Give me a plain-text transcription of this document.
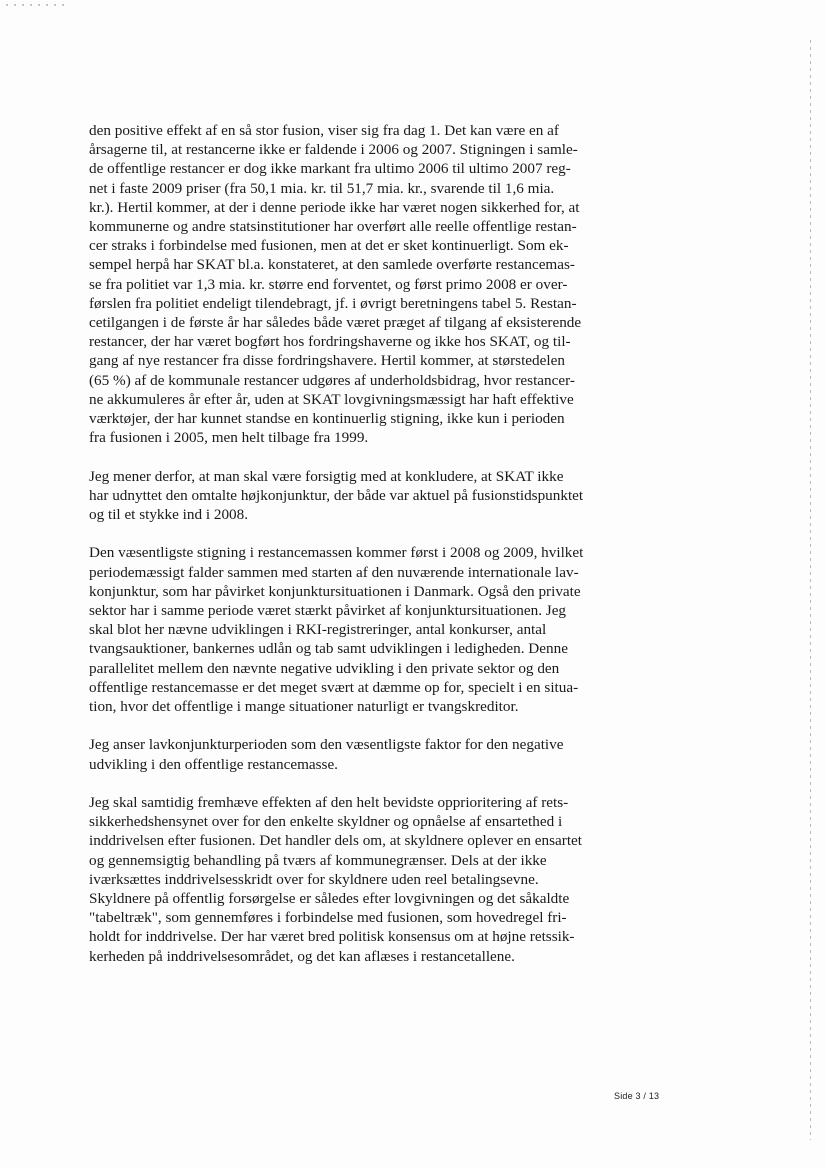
den positive effekt af en så stor fusion, viser sig fra dag 1. Det kan være en af
årsagerne til, at restancerne ikke er faldende i 2006 og 2007. Stigningen i samle-
de offentlige restancer er dog ikke markant fra ultimo 2006 til ultimo 2007 reg-
net i faste 2009 priser (fra 50,1 mia. kr. til 51,7 mia. kr., svarende til 1,6 mia.
kr.). Hertil kommer, at der i denne periode ikke har været nogen sikkerhed for, at
kommunerne og andre statsinstitutioner har overført alle reelle offentlige restan-
cer straks i forbindelse med fusionen, men at det er sket kontinuerligt. Som ek-
sempel herpå har SKAT bl.a. konstateret, at den samlede overførte restancemas-
se fra politiet var 1,3 mia. kr. større end forventet, og først primo 2008 er over-
førslen fra politiet endeligt tilendebragt, jf. i øvrigt beretningens tabel 5. Restan-
cetilgangen i de første år har således både været præget af tilgang af eksisterende
restancer, der har været bogført hos fordringshaverne og ikke hos SKAT, og til-
gang af nye restancer fra disse fordringshavere. Hertil kommer, at størstedelen
(65 %) af de kommunale restancer udgøres af underholdsbidrag, hvor restancer-
ne akkumuleres år efter år, uden at SKAT lovgivningsmæssigt har haft effektive
værktøjer, der har kunnet standse en kontinuerlig stigning, ikke kun i perioden
fra fusionen i 2005, men helt tilbage fra 1999.
Jeg mener derfor, at man skal være forsigtig med at konkludere, at SKAT ikke
har udnyttet den omtalte højkonjunktur, der både var aktuel på fusionstidspunktet
og til et stykke ind i 2008.
Den væsentligste stigning i restancemassen kommer først i 2008 og 2009, hvilket
periodemæssigt falder sammen med starten af den nuværende internationale lav-
konjunktur, som har påvirket konjunktursituationen i Danmark. Også den private
sektor har i samme periode været stærkt påvirket af konjunktursituationen. Jeg
skal blot her nævne udviklingen i RKI-registreringer, antal konkurser, antal
tvangsauktioner, bankernes udlån og tab samt udviklingen i ledigheden. Denne
parallelitet mellem den nævnte negative udvikling i den private sektor og den
offentlige restancemasse er det meget svært at dæmme op for, specielt i en situa-
tion, hvor det offentlige i mange situationer naturligt er tvangskreditor.
Jeg anser lavkonjunkturperioden som den væsentligste faktor for den negative
udvikling i den offentlige restancemasse.
Jeg skal samtidig fremhæve effekten af den helt bevidste opprioritering af rets-
sikkerhedshensynet over for den enkelte skyldner og opnåelse af ensartethed i
inddrivelsen efter fusionen. Det handler dels om, at skyldnere oplever en ensartet
og gennemsigtig behandling på tværs af kommunegrænser. Dels at der ikke
iværksættes inddrivelsesskridt over for skyldnere uden reel betalingsevne.
Skyldnere på offentlig forsørgelse er således efter lovgivningen og det såkaldte
"tabeltræk", som gennemføres i forbindelse med fusionen, som hovedregel fri-
holdt for inddrivelse. Der har været bred politisk konsensus om at højne retssik-
kerheden på inddrivelsesområdet, og det kan aflæses i restancetallene.
Side 3 / 13
